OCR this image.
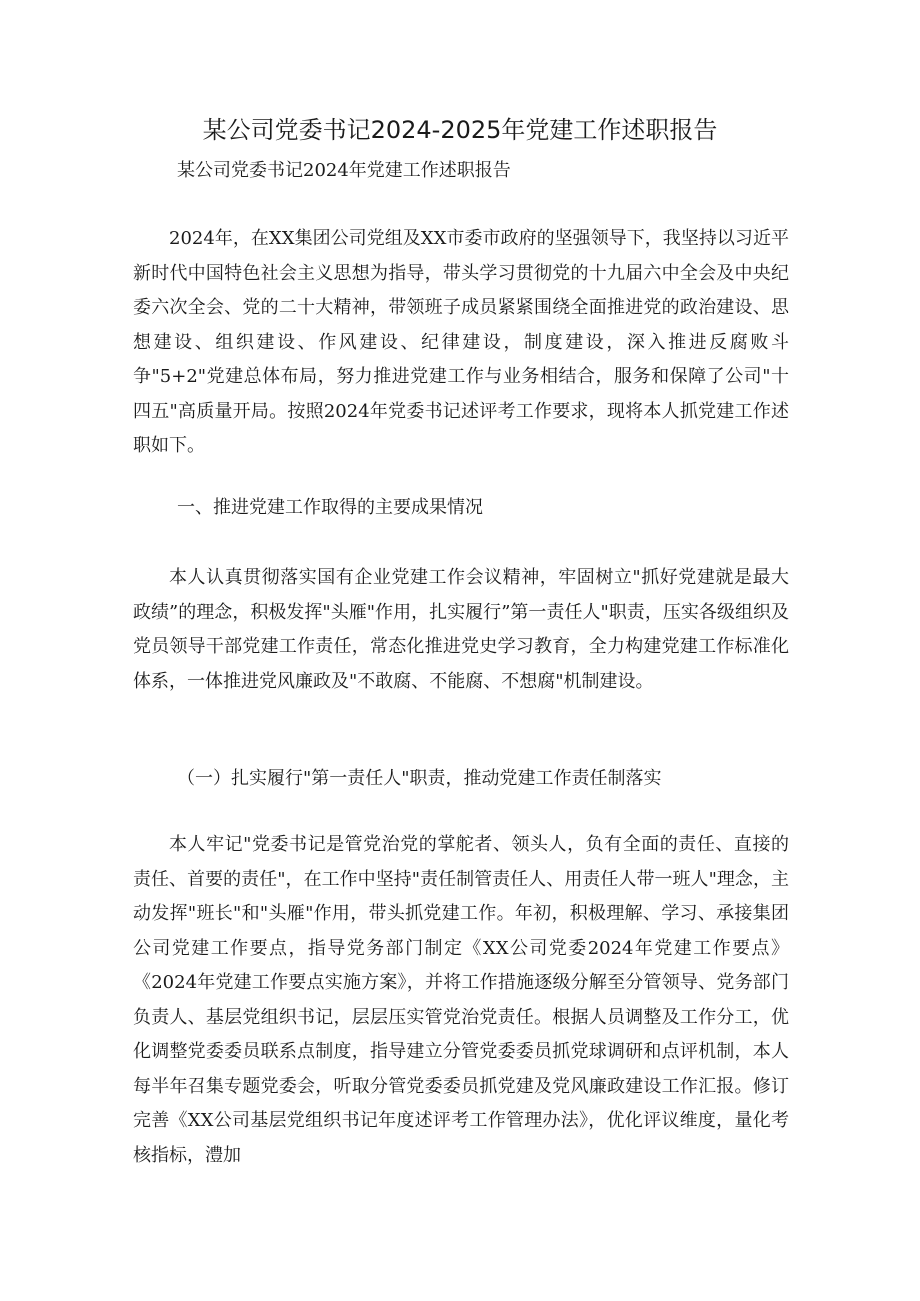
某公司党委书记2024-2025年党建工作述职报告
某公司党委书记2024年党建工作述职报告
2024年，在XX集团公司党组及XX市委市政府的坚强领导下，我坚持以习近平新时代中国特色社会主义思想为指导，带头学习贯彻党的十九届六中全会及中央纪委六次全会、党的二十大精神，带领班子成员紧紧围绕全面推进党的政治建设、思想建设、组织建设、作风建设、纪律建设，制度建设，深入推进反腐败斗争"5+2"党建总体布局，努力推进党建工作与业务相结合，服务和保障了公司"十四五"高质量开局。按照2024年党委书记述评考工作要求，现将本人抓党建工作述职如下。
一、推进党建工作取得的主要成果情况
本人认真贯彻落实国有企业党建工作会议精神，牢固树立"抓好党建就是最大政绩”的理念，积极发挥"头雁"作用，扎实履行”第一责任人"职责，压实各级组织及党员领导干部党建工作责任，常态化推进党史学习教育，全力构建党建工作标准化体系，一体推进党风廉政及"不敢腐、不能腐、不想腐"机制建设。
（一）扎实履行"第一责任人"职责，推动党建工作责任制落实
本人牢记"党委书记是管党治党的掌舵者、领头人，负有全面的责任、直接的责任、首要的责任"，在工作中坚持"责任制管责任人、用责任人带一班人"理念，主动发挥"班长"和"头雁"作用，带头抓党建工作。年初，积极理解、学习、承接集团公司党建工作要点，指导党务部门制定《XX公司党委2024年党建工作要点》《2024年党建工作要点实施方案》，并将工作措施逐级分解至分管领导、党务部门负责人、基层党组织书记，层层压实管党治党责任。根据人员调整及工作分工，优化调整党委委员联系点制度，指导建立分管党委委员抓党球调研和点评机制，本人每半年召集专题党委会，听取分管党委委员抓党建及党风廉政建设工作汇报。修订完善《XX公司基层党组织书记年度述评考工作管理办法》，优化评议维度，量化考核指标，澧加
